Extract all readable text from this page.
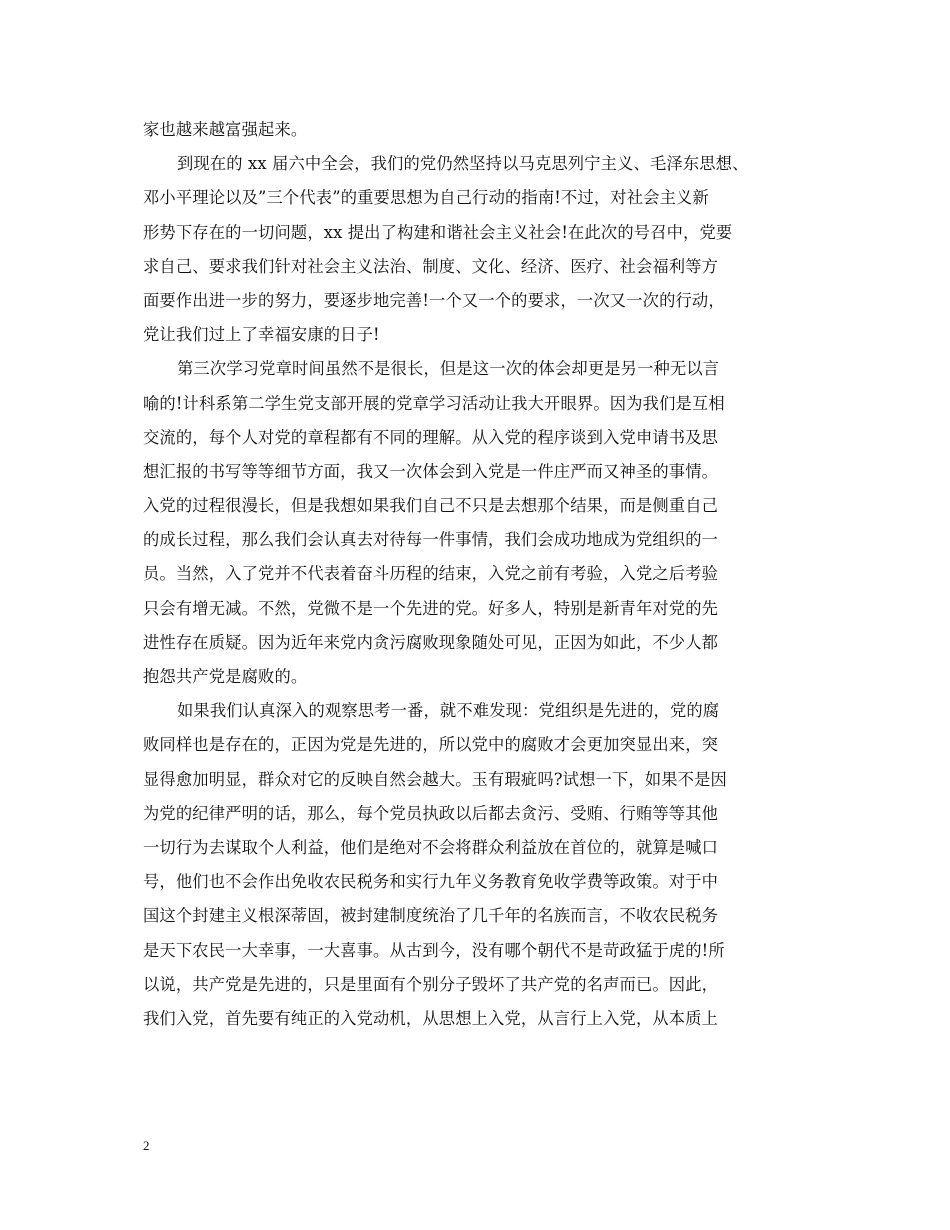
家也越来越富强起来。
到现在的 xx 届六中全会，我们的党仍然坚持以马克思列宁主义、毛泽东思想、
邓小平理论以及”三个代表”的重要思想为自己行动的指南!不过，对社会主义新
形势下存在的一切问题，xx 提出了构建和谐社会主义社会!在此次的号召中，党要
求自己、要求我们针对社会主义法治、制度、文化、经济、医疗、社会福利等方
面要作出进一步的努力，要逐步地完善!一个又一个的要求，一次又一次的行动，
党让我们过上了幸福安康的日子!
第三次学习党章时间虽然不是很长，但是这一次的体会却更是另一种无以言
喻的!计科系第二学生党支部开展的党章学习活动让我大开眼界。因为我们是互相
交流的，每个人对党的章程都有不同的理解。从入党的程序谈到入党申请书及思
想汇报的书写等等细节方面，我又一次体会到入党是一件庄严而又神圣的事情。
入党的过程很漫长，但是我想如果我们自己不只是去想那个结果，而是侧重自己
的成长过程，那么我们会认真去对待每一件事情，我们会成功地成为党组织的一
员。当然，入了党并不代表着奋斗历程的结束，入党之前有考验，入党之后考验
只会有增无减。不然，党微不是一个先进的党。好多人，特别是新青年对党的先
进性存在质疑。因为近年来党内贪污腐败现象随处可见，正因为如此，不少人都
抱怨共产党是腐败的。
如果我们认真深入的观察思考一番，就不难发现：党组织是先进的，党的腐
败同样也是存在的，正因为党是先进的，所以党中的腐败才会更加突显出来，突
显得愈加明显，群众对它的反映自然会越大。玉有瑕疵吗?试想一下，如果不是因
为党的纪律严明的话，那么，每个党员执政以后都去贪污、受贿、行贿等等其他
一切行为去谋取个人利益，他们是绝对不会将群众利益放在首位的，就算是喊口
号，他们也不会作出免收农民税务和实行九年义务教育免收学费等政策。对于中
国这个封建主义根深蒂固，被封建制度统治了几千年的名族而言，不收农民税务
是天下农民一大幸事，一大喜事。从古到今，没有哪个朝代不是苛政猛于虎的!所
以说，共产党是先进的，只是里面有个别分子毁坏了共产党的名声而已。因此，
我们入党，首先要有纯正的入党动机，从思想上入党，从言行上入党，从本质上
2
